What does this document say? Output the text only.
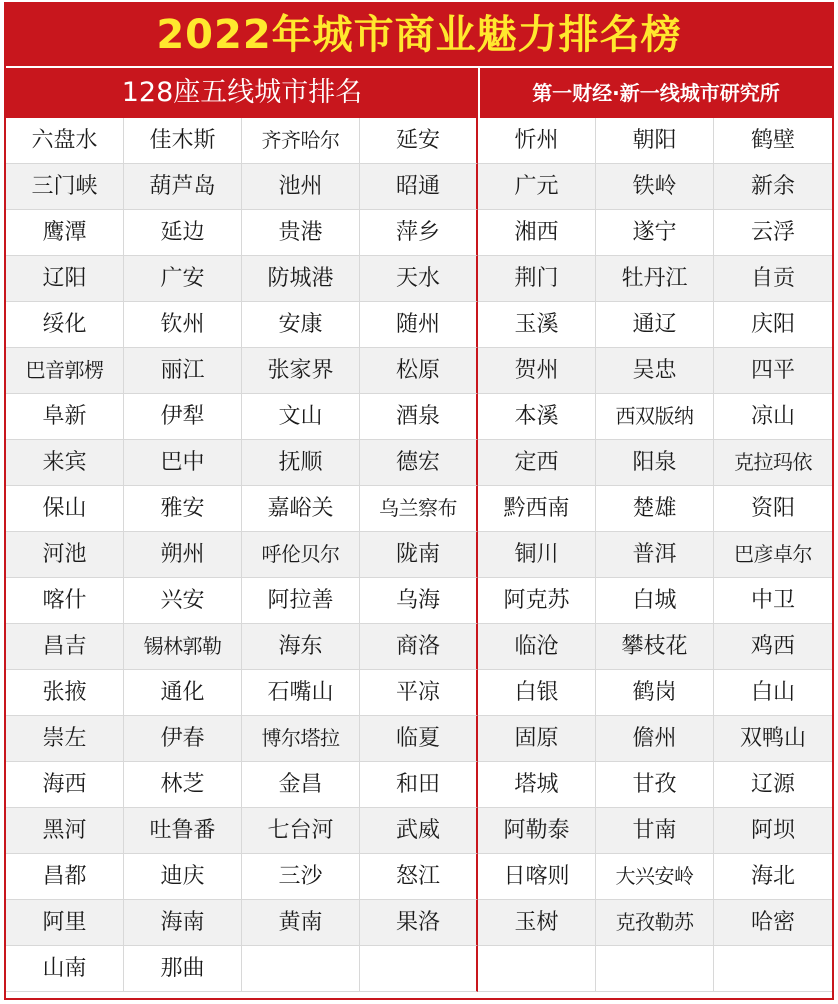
2022年城市商业魅力排名榜
128座五线城市排名	第一财经·新一线城市研究所
六盘水	佳木斯	齐齐哈尔	延安	忻州	朝阳	鹤壁
三门峡	葫芦岛	池州	昭通	广元	铁岭	新余
鹰潭	延边	贵港	萍乡	湘西	遂宁	云浮
辽阳	广安	防城港	天水	荆门	牡丹江	自贡
绥化	钦州	安康	随州	玉溪	通辽	庆阳
巴音郭楞	丽江	张家界	松原	贺州	吴忠	四平
阜新	伊犁	文山	酒泉	本溪	西双版纳	凉山
来宾	巴中	抚顺	德宏	定西	阳泉	克拉玛依
保山	雅安	嘉峪关	乌兰察布	黔西南	楚雄	资阳
河池	朔州	呼伦贝尔	陇南	铜川	普洱	巴彦卓尔
喀什	兴安	阿拉善	乌海	阿克苏	白城	中卫
昌吉	锡林郭勒	海东	商洛	临沧	攀枝花	鸡西
张掖	通化	石嘴山	平凉	白银	鹤岗	白山
崇左	伊春	博尔塔拉	临夏	固原	儋州	双鸭山
海西	林芝	金昌	和田	塔城	甘孜	辽源
黑河	吐鲁番	七台河	武威	阿勒泰	甘南	阿坝
昌都	迪庆	三沙	怒江	日喀则	大兴安岭	海北
阿里	海南	黄南	果洛	玉树	克孜勒苏	哈密
山南	那曲
